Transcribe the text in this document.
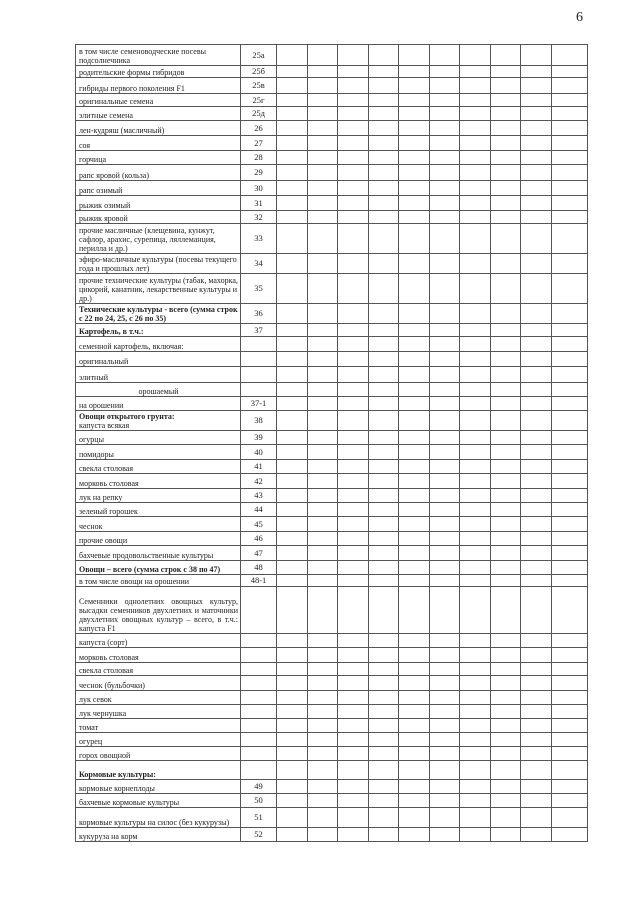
6
в том числе семеноводческие посевы подсолнечника	25а										
родительские формы гибридов	25б										
гибриды первого поколения F1	25в										
оригинальные семена	25г										
элитные семена	25д										
лен-кудряш (масличный)	26										
соя	27										
горчица	28										
рапс яровой (кольза)	29										
рапс озимый	30										
рыжик озимый	31										
рыжик яровой	32										
прочие масличные (клещевина, кунжут, сафлор, арахис, сурепица, ляллеманция, перилла и др.)	33										
эфиро-масличные культуры (посевы текущего года и прошлых лет)	34										
прочие технические культуры (табак, махорка, цикорий, канатник, лекарственные культуры и др.)	35										
Технические культуры - всего (сумма строк с 22 по 24, 25, с 26 по 35)	36										
Картофель, в т.ч.:	37										
семенной картофель, включая:											
оригинальный											
элитный											
орошаемый											
на орошении	37-1										
Овощи открытого грунта:
капуста всякая	38										
огурцы	39										
помидоры	40										
свекла столовая	41										
морковь столовая	42										
лук на репку	43										
зеленый горошек	44										
чеснок	45										
прочие овощи	46										
бахчевые продовольственные культуры	47										
Овощи – всего (сумма строк с 38 по 47)	48										
в том числе овощи на орошении	48-1										
Семенники однолетних овощных культур, высадки семенников двухлетних и маточники двухлетних овощных культур – всего, в т.ч.: капуста F1											
капуста (сорт)											
морковь столовая											
свекла столовая											
чеснок (бульбочки)											
лук севок											
лук чернушка											
томат											
огурец											
горох овощной											
Кормовые культуры:											
кормовые корнеплоды	49										
бахчевые кормовые культуры	50										
кормовые культуры на силос (без кукурузы)	51										
кукуруза на корм	52										
